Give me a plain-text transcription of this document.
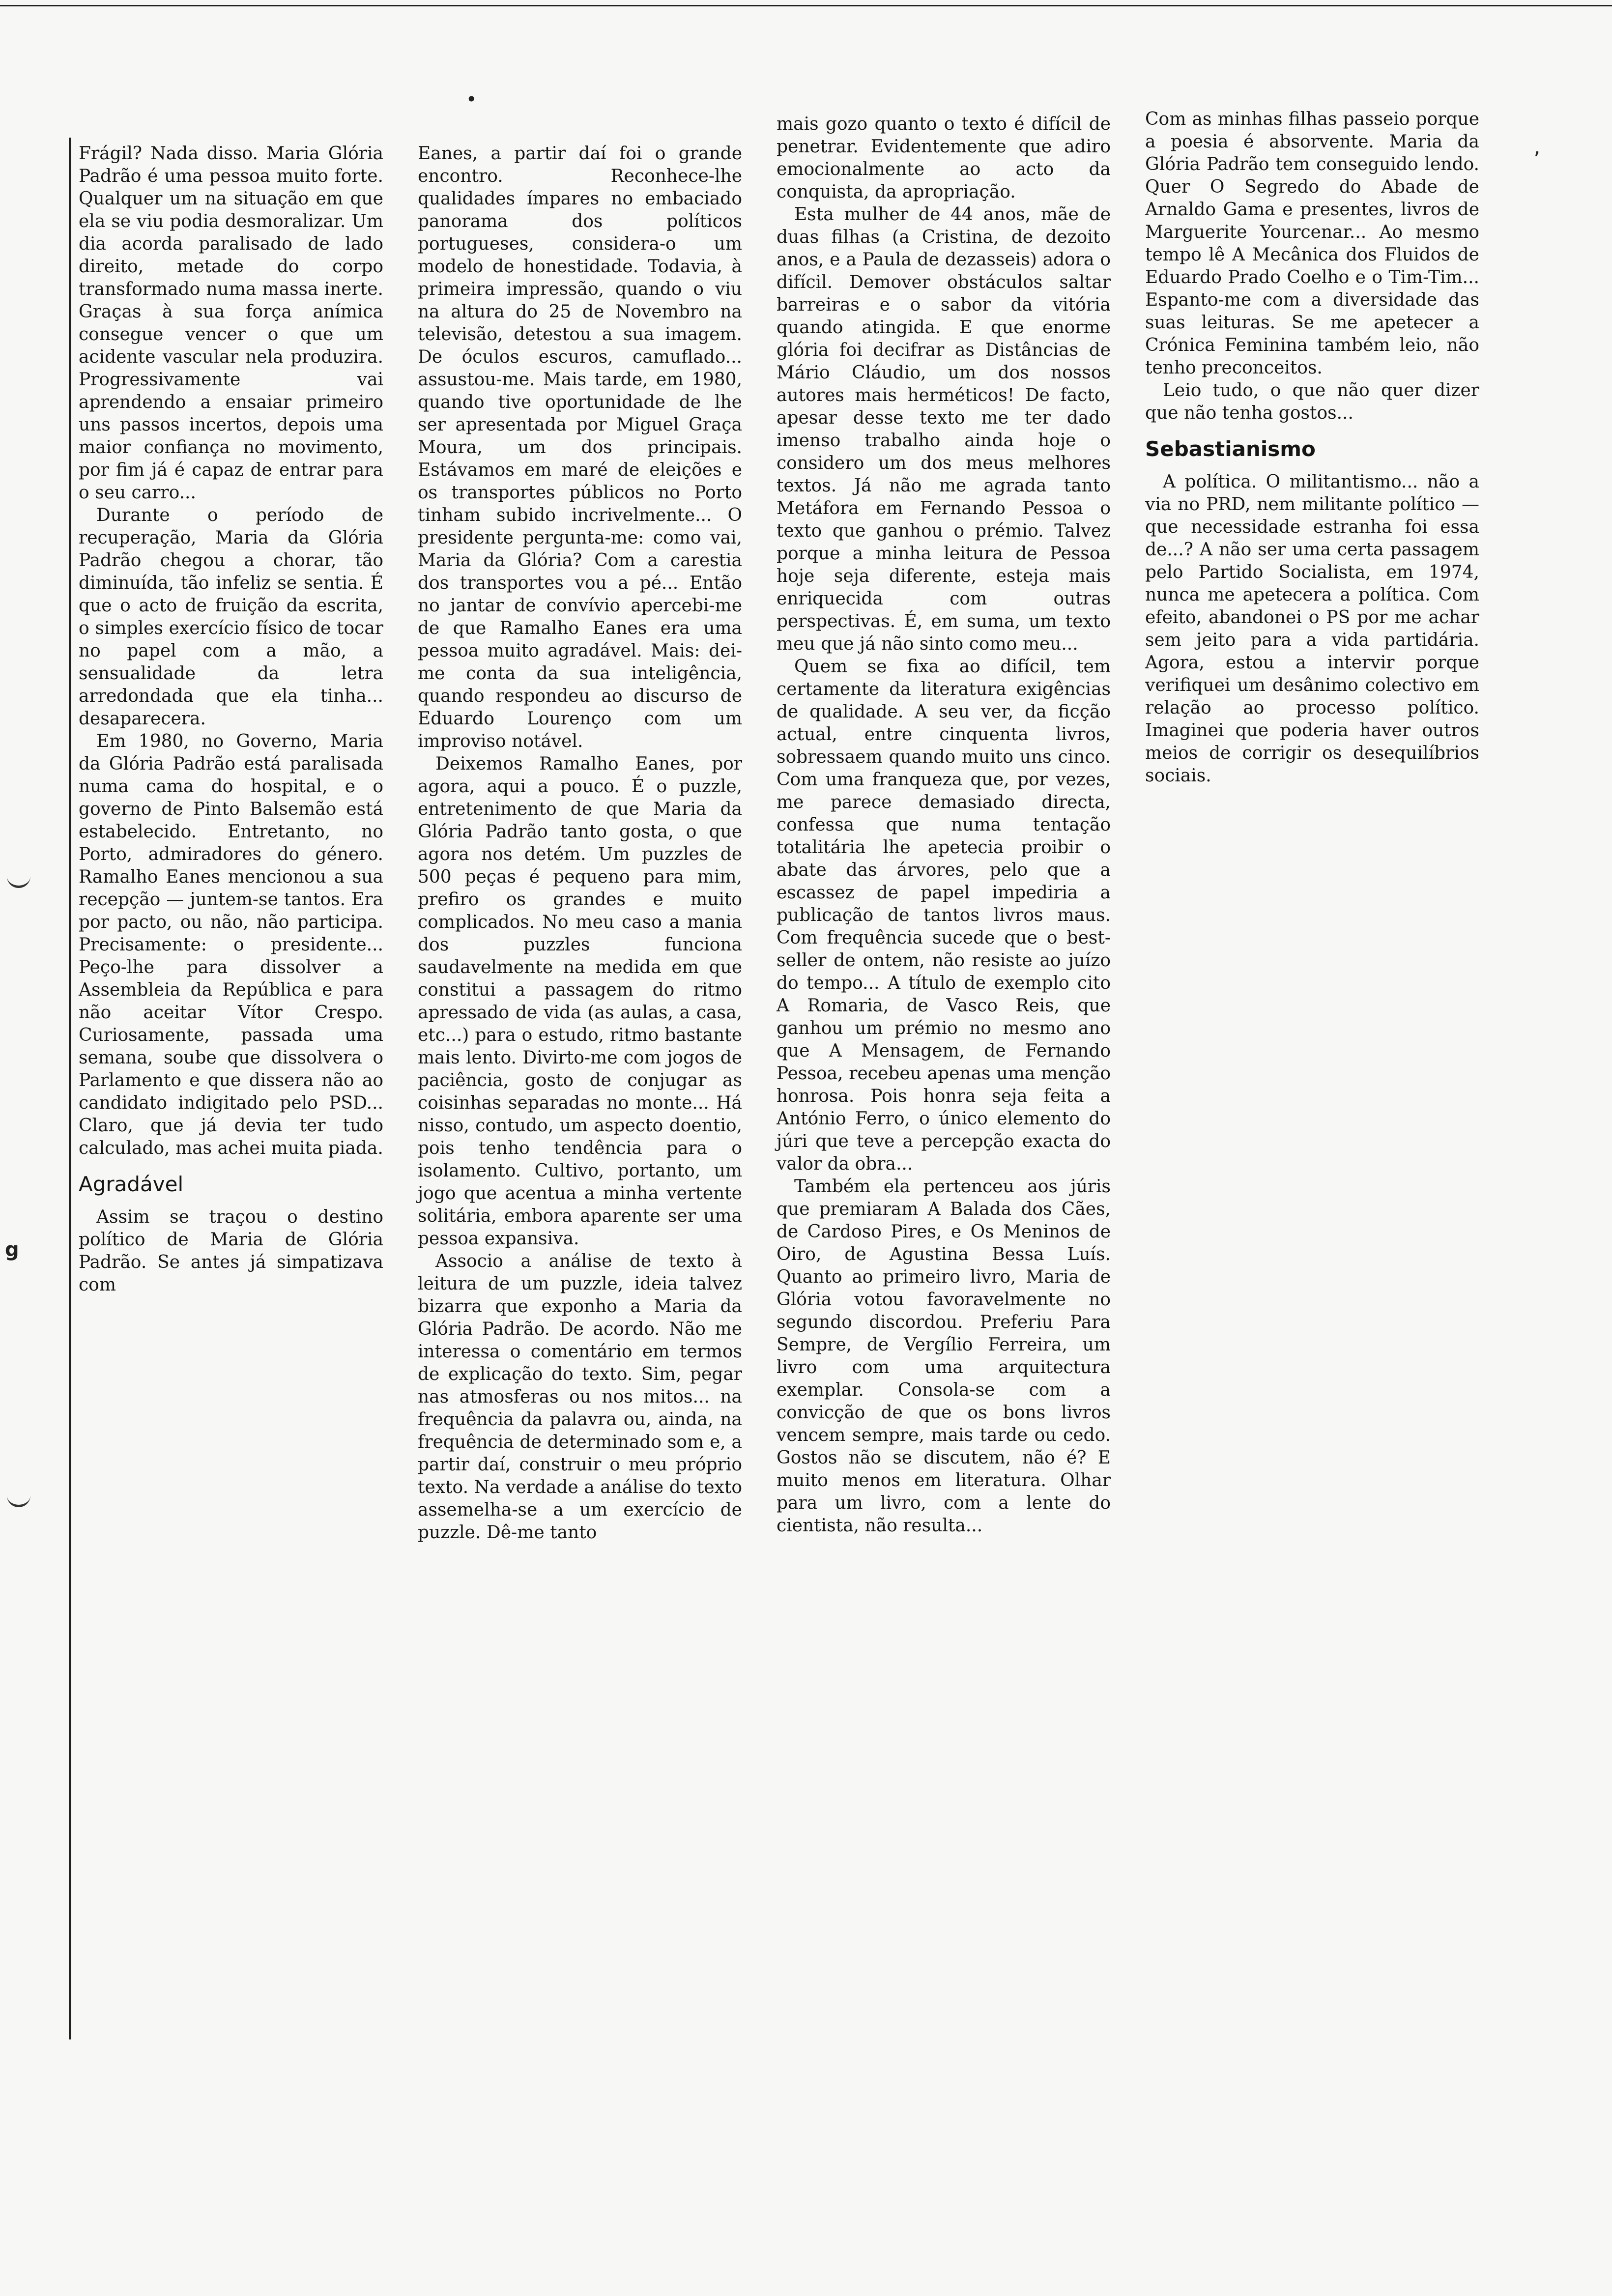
•
ʼ
g

Frágil? Nada disso. Maria Glória Padrão é uma pessoa muito forte. Qualquer um na situação em que ela se viu podia desmoralizar. Um dia acorda paralisado de lado direito, metade do corpo transformado numa massa inerte. Graças à sua força anímica consegue vencer o que um acidente vascular nela produzira. Progressivamente vai aprendendo a ensaiar primeiro uns passos incertos, depois uma maior confiança no movimento, por fim já é capaz de entrar para o seu carro...

Durante o período de recuperação, Maria da Glória Padrão chegou a chorar, tão diminuída, tão infeliz se sentia. É que o acto de fruição da escrita, o simples exercício físico de tocar no papel com a mão, a sensualidade da letra arredondada que ela tinha... desaparecera.

Em 1980, no Governo, Maria da Glória Padrão está paralisada numa cama do hospital, e o governo de Pinto Balsemão está estabelecido. Entretanto, no Porto, admiradores do género. Ramalho Eanes mencionou a sua recepção — juntem-se tantos. Era por pacto, ou não, não participa. Precisamente: o presidente... Peço-lhe para dissolver a Assembleia da República e para não aceitar Vítor Crespo. Curiosamente, passada uma semana, soube que dissolvera o Parlamento e que dissera não ao candidato indigitado pelo PSD... Claro, que já devia ter tudo calculado, mas achei muita piada.

Agradável

Assim se traçou o destino político de Maria de Glória Padrão. Se antes já simpatizava com

Eanes, a partir daí foi o grande encontro. Reconhece-lhe qualidades ímpares no embaciado panorama dos políticos portugueses, considera-o um modelo de honestidade. Todavia, à primeira impressão, quando o viu na altura do 25 de Novembro na televisão, detestou a sua imagem. De óculos escuros, camuflado... assustou-me. Mais tarde, em 1980, quando tive oportunidade de lhe ser apresentada por Miguel Graça Moura, um dos principais. Estávamos em maré de eleições e os transportes públicos no Porto tinham subido incrivelmente... O presidente pergunta-me: como vai, Maria da Glória? Com a carestia dos transportes vou a pé... Então no jantar de convívio apercebi-me de que Ramalho Eanes era uma pessoa muito agradável. Mais: dei-me conta da sua inteligência, quando respondeu ao discurso de Eduardo Lourenço com um improviso notável.

Deixemos Ramalho Eanes, por agora, aqui a pouco. É o puzzle, entretenimento de que Maria da Glória Padrão tanto gosta, o que agora nos detém. Um puzzles de 500 peças é pequeno para mim, prefiro os grandes e muito complicados. No meu caso a mania dos puzzles funciona saudavelmente na medida em que constitui a passagem do ritmo apressado de vida (as aulas, a casa, etc...) para o estudo, ritmo bastante mais lento. Divirto-me com jogos de paciência, gosto de conjugar as coisinhas separadas no monte... Há nisso, contudo, um aspecto doentio, pois tenho tendência para o isolamento. Cultivo, portanto, um jogo que acentua a minha vertente solitária, embora aparente ser uma pessoa expansiva.

Associo a análise de texto à leitura de um puzzle, ideia talvez bizarra que exponho a Maria da Glória Padrão. De acordo. Não me interessa o comentário em termos de explicação do texto. Sim, pegar nas atmosferas ou nos mitos... na frequência da palavra ou, ainda, na frequência de determinado som e, a partir daí, construir o meu próprio texto. Na verdade a análise do texto assemelha-se a um exercício de puzzle. Dê-me tanto

mais gozo quanto o texto é difícil de penetrar. Evidentemente que adiro emocionalmente ao acto da conquista, da apropriação.

Esta mulher de 44 anos, mãe de duas filhas (a Cristina, de dezoito anos, e a Paula de dezasseis) adora o difícil. Demover obstáculos saltar barreiras e o sabor da vitória quando atingida. E que enorme glória foi decifrar as Distâncias de Mário Cláudio, um dos nossos autores mais herméticos! De facto, apesar desse texto me ter dado imenso trabalho ainda hoje o considero um dos meus melhores textos. Já não me agrada tanto Metáfora em Fernando Pessoa o texto que ganhou o prémio. Talvez porque a minha leitura de Pessoa hoje seja diferente, esteja mais enriquecida com outras perspectivas. É, em suma, um texto meu que já não sinto como meu...

Quem se fixa ao difícil, tem certamente da literatura exigências de qualidade. A seu ver, da ficção actual, entre cinquenta livros, sobressaem quando muito uns cinco. Com uma franqueza que, por vezes, me parece demasiado directa, confessa que numa tentação totalitária lhe apetecia proibir o abate das árvores, pelo que a escassez de papel impediria a publicação de tantos livros maus. Com frequência sucede que o best-seller de ontem, não resiste ao juízo do tempo... A título de exemplo cito A Romaria, de Vasco Reis, que ganhou um prémio no mesmo ano que A Mensagem, de Fernando Pessoa, recebeu apenas uma menção honrosa. Pois honra seja feita a António Ferro, o único elemento do júri que teve a percepção exacta do valor da obra...

Também ela pertenceu aos júris que premiaram A Balada dos Cães, de Cardoso Pires, e Os Meninos de Oiro, de Agustina Bessa Luís. Quanto ao primeiro livro, Maria de Glória votou favoravelmente no segundo discordou. Preferiu Para Sempre, de Vergílio Ferreira, um livro com uma arquitectura exemplar. Consola-se com a convicção de que os bons livros vencem sempre, mais tarde ou cedo. Gostos não se discutem, não é? E muito menos em literatura. Olhar para um livro, com a lente do cientista, não resulta...

Com as minhas filhas passeio porque a poesia é absorvente. Maria da Glória Padrão tem conseguido lendo. Quer O Segredo do Abade de Arnaldo Gama e presentes, livros de Marguerite Yourcenar... Ao mesmo tempo lê A Mecânica dos Fluidos de Eduardo Prado Coelho e o Tim-Tim... Espanto-me com a diversidade das suas leituras. Se me apetecer a Crónica Feminina também leio, não tenho preconceitos.

Leio tudo, o que não quer dizer que não tenha gostos...

Sebastianismo

A política. O militantismo... não a via no PRD, nem militante político — que necessidade estranha foi essa de...? A não ser uma certa passagem pelo Partido Socialista, em 1974, nunca me apetecera a política. Com efeito, abandonei o PS por me achar sem jeito para a vida partidária. Agora, estou a intervir porque verifiquei um desânimo colectivo em relação ao processo político. Imaginei que poderia haver outros meios de corrigir os desequilíbrios sociais.
